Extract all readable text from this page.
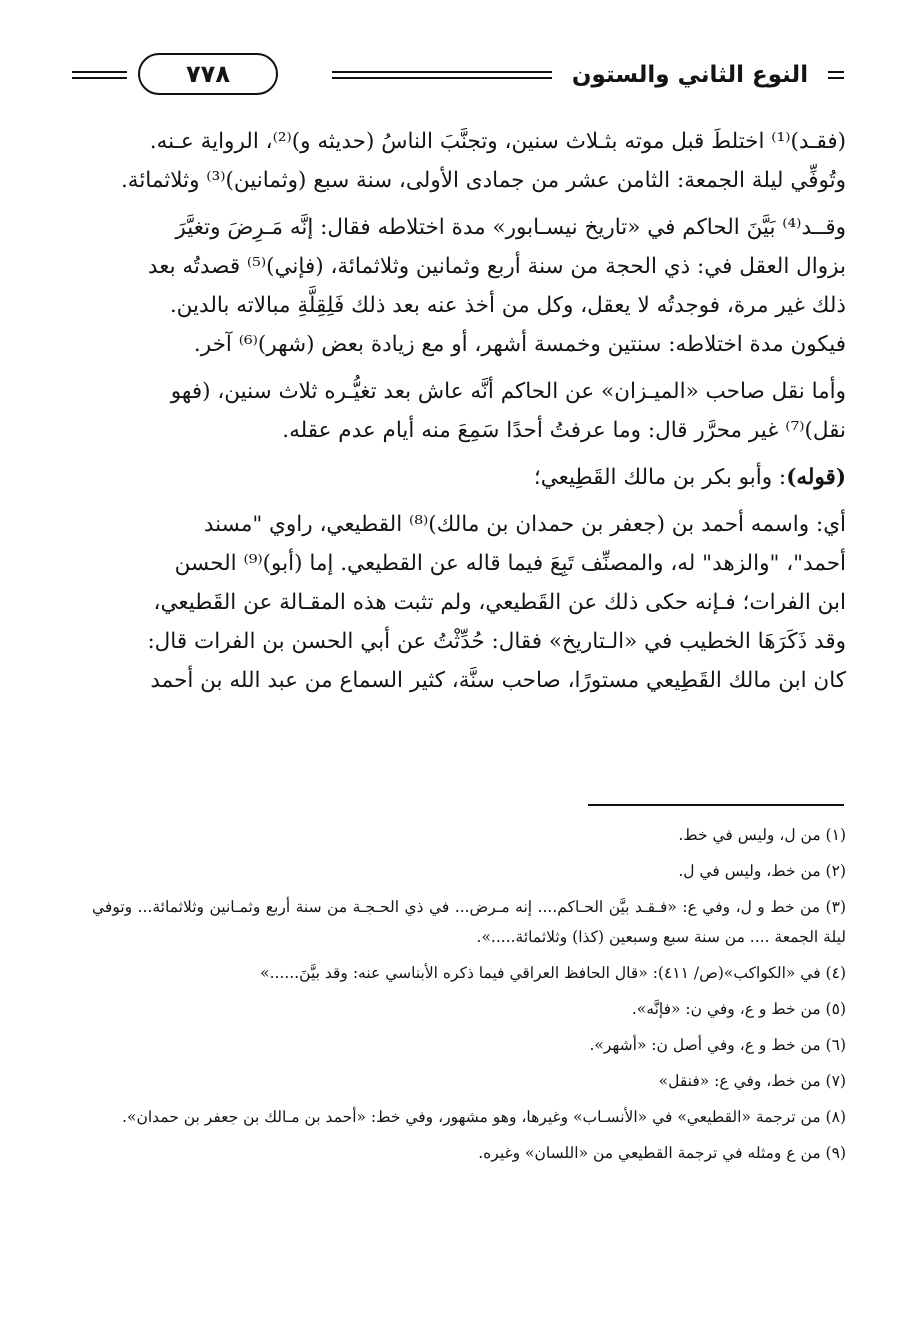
النوع الثاني والستون
٧٧٨

(فقـد)⁽¹⁾ اختلطَ قبل موته بثـلاث سنين، وتجنَّبَ الناسُ (حديثه و)⁽²⁾، الرواية عـنه.

وتُوفِّي ليلة الجمعة: الثامن عشر من جمادى الأولى، سنة سبع (وثمانين)⁽³⁾ وثلاثمائة.

وقــد⁽⁴⁾ بَيَّنَ الحاكم في «تاريخ نيسـابور» مدة اختلاطه فقال: إنَّه مَـرِضَ وتغيَّرَ

بزوال العقل في: ذي الحجة من سنة أربع وثمانين وثلاثمائة، (فإني)⁽⁵⁾ قصدتُه بعد

ذلك غير مرة، فوجدتُه لا يعقل، وكل من أخذ عنه بعد ذلك فَلِقِلَّةِ مبالاته بالدين.

فيكون مدة اختلاطه: سنتين وخمسة أشهر، أو مع زيادة بعض (شهر)⁽⁶⁾ آخر.

وأما نقل صاحب «الميـزان» عن الحاكم أنَّه عاش بعد تغيُّـره ثلاث سنين، (فهو

نقل)⁽⁷⁾ غير محرَّر قال: وما عرفتُ أحدًا سَمِعَ منه أيام عدم عقله.

(قوله): وأبو بكر بن مالك القَطِيعي؛

أي: واسمه أحمد بن (جعفر بن حمدان بن مالك)⁽⁸⁾ القطيعي، راوي "مسند

أحمد"، "والزهد" له، والمصنِّف تَبِعَ فيما قاله عن القطيعي. إما (أبو)⁽⁹⁾ الحسن

ابن الفرات؛ فـإنه حكى ذلك عن القَطيعي، ولم تثبت هذه المقـالة عن القَطيعي،

وقد ذَكَرَهَا الخطيب في «الـتاريخ» فقال: حُدِّثْتُ عن أبي الحسن بن الفرات قال:

كان ابن مالك القَطِيعي مستورًا، صاحب سنَّة، كثير السماع من عبد الله بن أحمد

(١) من ل، وليس في خط.

(٢) من خط، وليس في ل.

(٣) من خط و ل، وفي ع: «فـقـد بيَّن الحـاكم.... إنه مـرض... في ذي الحـجـة من سنة أربع وثمـانين وثلاثمائة... وتوفي ليلة الجمعة .... من سنة سبع وسبعين (كذا) وثلاثمائة.....».

(٤) في «الكواكب»(ص/ ٤١١): «قال الحافظ العراقي فيما ذكره الأبناسي عنه: وقد بيَّنَ......»

(٥) من خط و ع، وفي ن: «فإنَّه».

(٦) من خط و ع، وفي أصل ن: «أشهر».

(٧) من خط، وفي ع: «فنقل»

(٨) من ترجمة «القطيعي» في «الأنسـاب» وغيرها، وهو مشهور، وفي خط: «أحمد بن مـالك بن جعفر بن حمدان».

(٩) من ع ومثله في ترجمة القطيعي من «اللسان» وغيره.
